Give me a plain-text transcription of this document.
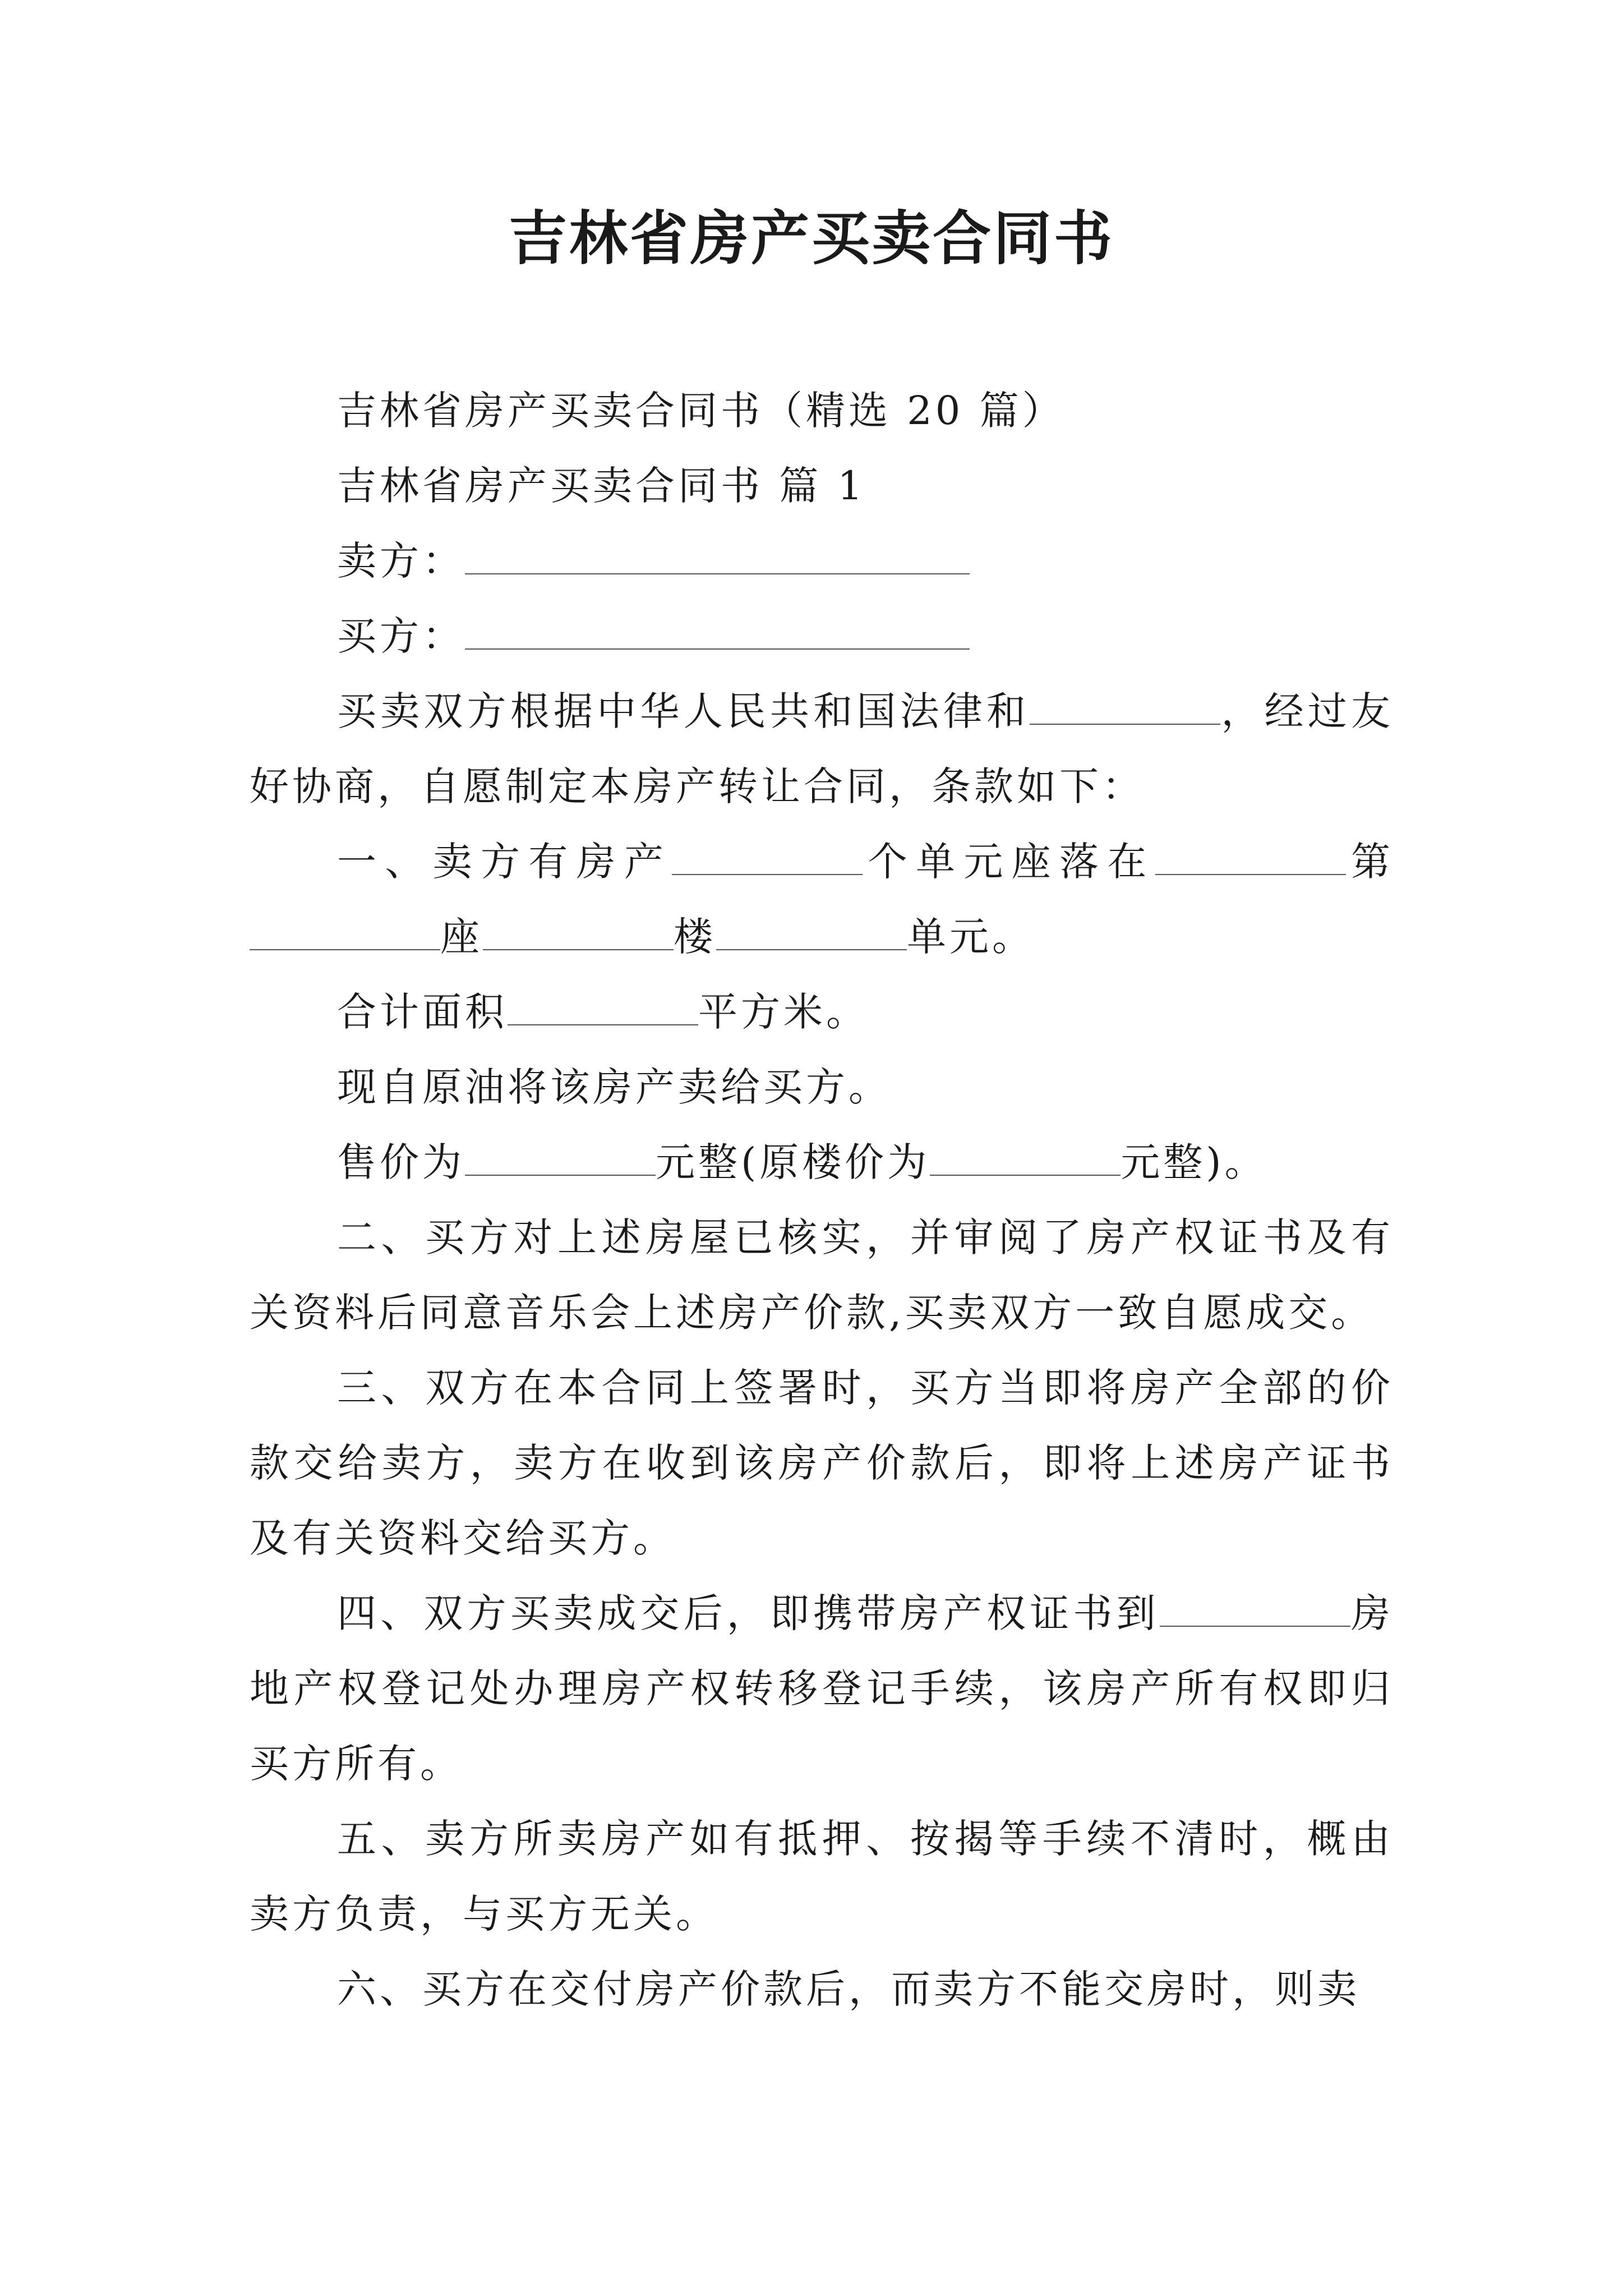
吉林省房产买卖合同书

吉林省房产买卖合同书（精选 20 篇）

吉林省房产买卖合同书 篇 1

卖方：

买方：

买卖双方根据中华人民共和国法律和	，经过友好协商，自愿制定本房产转让合同，条款如下：

一、卖方有房产	个单元座落在	第座	楼	单元。

合计面积	平方米。

现自原油将该房产卖给买方。

售价为	元整(原楼价为	元整)。

二、买方对上述房屋已核实，并审阅了房产权证书及有关资料后同意音乐会上述房产价款,买卖双方一致自愿成交。

三、双方在本合同上签署时，买方当即将房产全部的价款交给卖方，卖方在收到该房产价款后，即将上述房产证书及有关资料交给买方。

四、双方买卖成交后，即携带房产权证书到	房地产权登记处办理房产权转移登记手续，该房产所有权即归买方所有。

五、卖方所卖房产如有抵押、按揭等手续不清时，概由卖方负责，与买方无关。

六、买方在交付房产价款后，而卖方不能交房时，则卖
